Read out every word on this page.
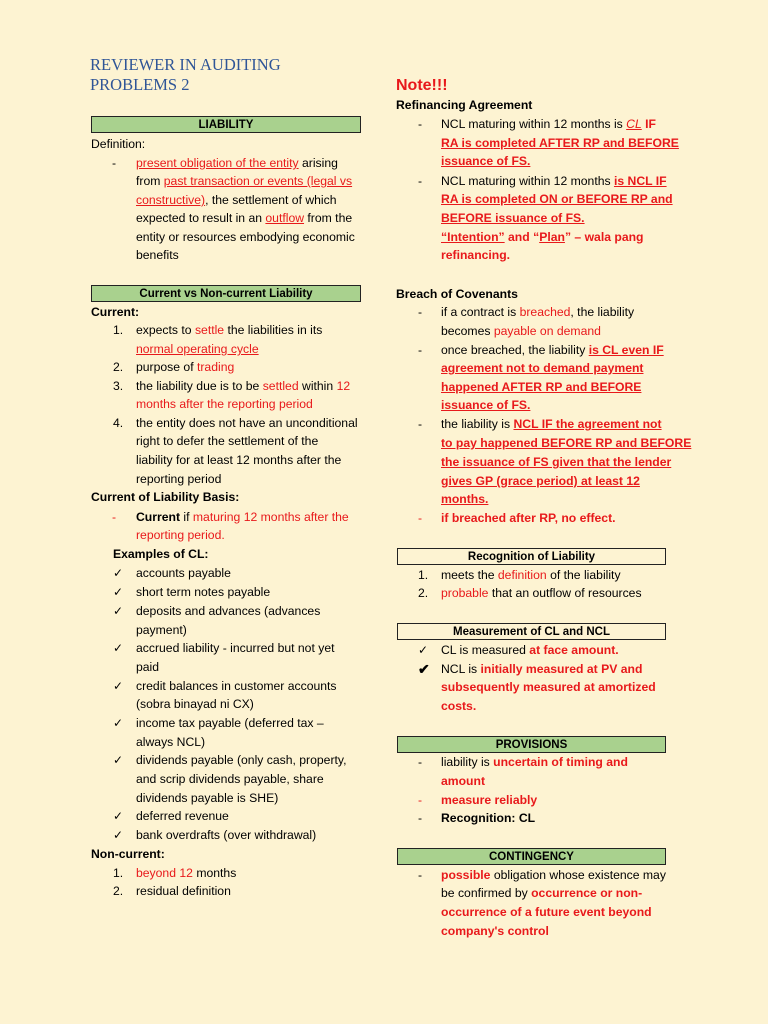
REVIEWER IN AUDITING
PROBLEMS 2
LIABILITY
Definition:
- present obligation of the entity arising
from past transaction or events (legal vs
constructive), the settlement of which
expected to result in an outflow from the
entity or resources embodying economic
benefits
Current vs Non-current Liability
Current:
1. expects to settle the liabilities in its
normal operating cycle
2. purpose of trading
3. the liability due is to be settled within 12
months after the reporting period
4. the entity does not have an unconditional
right to defer the settlement of the
liability for at least 12 months after the
reporting period
Current of Liability Basis:
- Current if maturing 12 months after the
reporting period.
Examples of CL:
✓ accounts payable
✓ short term notes payable
✓ deposits and advances (advances
payment)
✓ accrued liability - incurred but not yet
paid
✓ credit balances in customer accounts
(sobra binayad ni CX)
✓ income tax payable (deferred tax –
always NCL)
✓ dividends payable (only cash, property,
and scrip dividends payable, share
dividends payable is SHE)
✓ deferred revenue
✓ bank overdrafts (over withdrawal)
Non-current:
1. beyond 12 months
2. residual definition
Note!!!
Refinancing Agreement
- NCL maturing within 12 months is CL IF
RA is completed AFTER RP and BEFORE
issuance of FS.
- NCL maturing within 12 months is NCL IF
RA is completed ON or BEFORE RP and
BEFORE issuance of FS.
“Intention” and “Plan” – wala pang
refinancing.
Breach of Covenants
- if a contract is breached, the liability
becomes payable on demand
- once breached, the liability is CL even IF
agreement not to demand payment
happened AFTER RP and BEFORE
issuance of FS.
- the liability is NCL IF the agreement not
to pay happened BEFORE RP and BEFORE
the issuance of FS given that the lender
gives GP (grace period) at least 12
months.
- if breached after RP, no effect.
Recognition of Liability
1. meets the definition of the liability
2. probable that an outflow of resources
Measurement of CL and NCL
✓ CL is measured at face amount.
✔ NCL is initially measured at PV and
subsequently measured at amortized
costs.
PROVISIONS
- liability is uncertain of timing and
amount
- measure reliably
- Recognition: CL
CONTINGENCY
- possible obligation whose existence may
be confirmed by occurrence or non-
occurrence of a future event beyond
company's control
